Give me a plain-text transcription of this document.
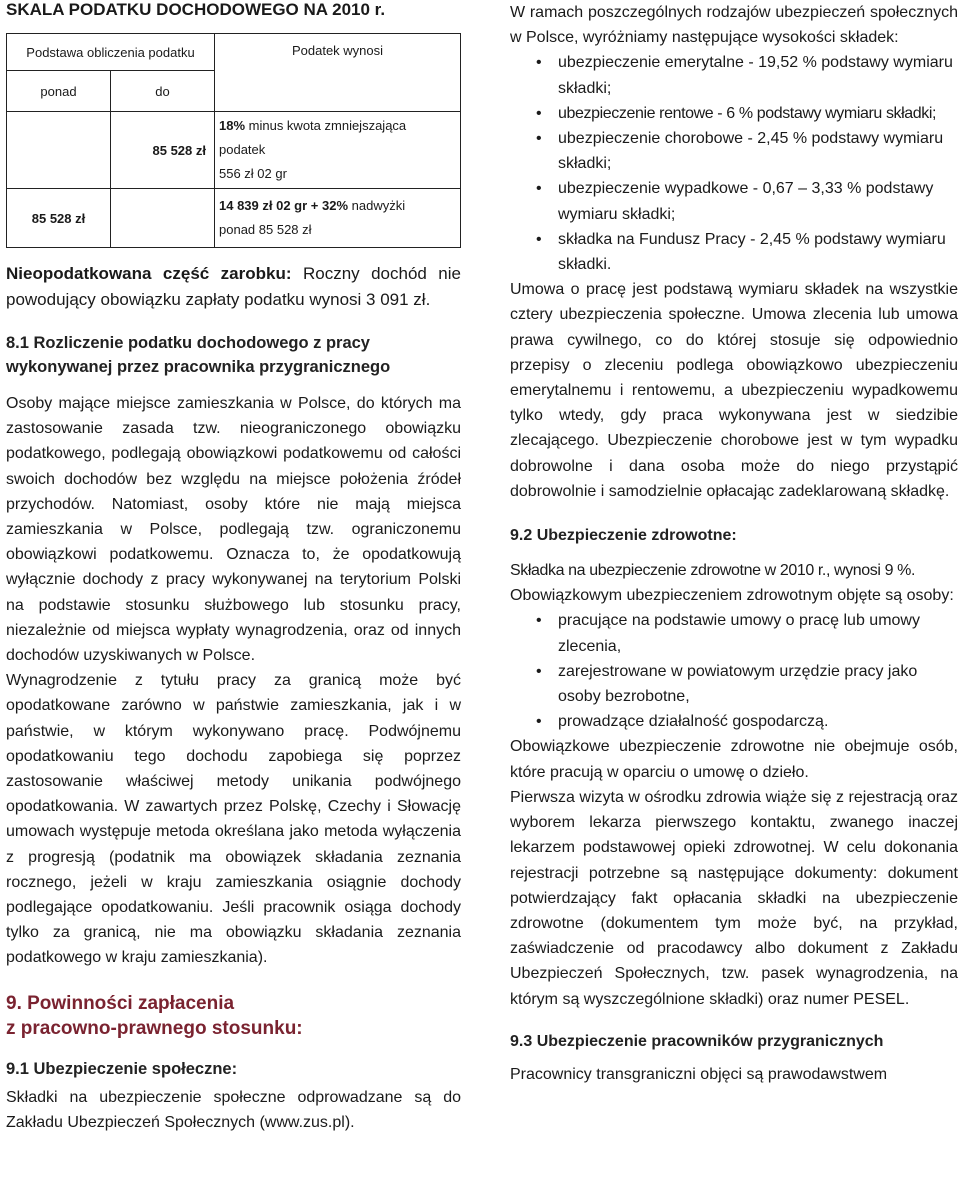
SKALA PODATKU DOCHODOWEGO NA 2010 r.
Podstawa obliczenia podatku		Podatek wynosi
ponad	do	
	85 528 zł	18% minus kwota zmniejszająca podatek
556 zł 02 gr
85 528 zł		14 839 zł 02 gr + 32% nadwyżki
ponad 85 528 zł

Nieopodatkowana część zarobku: Roczny dochód nie powodujący obowiązku zapłaty podatku wynosi 3 091 zł.

8.1 Rozliczenie podatku dochodowego z pracy wykonywanej przez pracownika przygranicznego

Osoby mające miejsce zamieszkania w Polsce, do których ma zastosowanie zasada tzw. nieograniczonego obowiązku podatkowego, podlegają obowiązkowi podatkowemu od całości swoich dochodów bez względu na miejsce położenia źródeł przychodów. Natomiast, osoby które nie mają miejsca zamieszkania w Polsce, podlegają tzw. ograniczonemu obowiązkowi podatkowemu. Oznacza to, że opodatkowują wyłącznie dochody z pracy wykonywanej na terytorium Polski na podstawie stosunku służbowego lub stosunku pracy, niezależnie od miejsca wypłaty wynagrodzenia, oraz od innych dochodów uzyskiwanych w Polsce.

Wynagrodzenie z tytułu pracy za granicą może być opodatkowane zarówno w państwie zamieszkania, jak i w państwie, w którym wykonywano pracę. Podwójnemu opodatkowaniu tego dochodu zapobiega się poprzez zastosowanie właściwej metody unikania podwójnego opodatkowania. W zawartych przez Polskę, Czechy i Słowację umowach występuje metoda określana jako metoda wyłączenia z progresją (podatnik ma obowiązek składania zeznania rocznego, jeżeli w kraju zamieszkania osiągnie dochody podlegające opodatkowaniu. Jeśli pracownik osiąga dochody tylko za granicą, nie ma obowiązku składania zeznania podatkowego w kraju zamieszkania).

9. Powinności zapłacenia
z pracowno-prawnego stosunku:
9.1 Ubezpieczenie społeczne:

Składki na ubezpieczenie społeczne odprowadzane są do Zakładu Ubezpieczeń Społecznych (www.zus.pl).

W ramach poszczególnych rodzajów ubezpieczeń społecznych w Polsce, wyróżniamy następujące wysokości składek:

• ubezpieczenie emerytalne - 19,52 % podstawy wymiaru składki;
• ubezpieczenie rentowe - 6 % podstawy wymiaru składki;
• ubezpieczenie chorobowe - 2,45 % podstawy wymiaru składki;
• ubezpieczenie wypadkowe - 0,67 – 3,33 % podstawy wymiaru składki;
• składka na Fundusz Pracy - 2,45 % podstawy wymiaru składki.

Umowa o pracę jest podstawą wymiaru składek na wszystkie cztery ubezpieczenia społeczne. Umowa zlecenia lub umowa prawa cywilnego, co do której stosuje się odpowiednio przepisy o zleceniu podlega obowiązkowo ubezpieczeniu emerytalnemu i rentowemu, a ubezpieczeniu wypadkowemu tylko wtedy, gdy praca wykonywana jest w siedzibie zlecającego. Ubezpieczenie chorobowe jest w tym wypadku dobrowolne i dana osoba może do niego przystąpić dobrowolnie i samodzielnie opłacając zadeklarowaną składkę.

9.2 Ubezpieczenie zdrowotne:

Składka na ubezpieczenie zdrowotne w 2010 r., wynosi 9 %.

Obowiązkowym ubezpieczeniem zdrowotnym objęte są osoby:

• pracujące na podstawie umowy o pracę lub umowy zlecenia,
• zarejestrowane w powiatowym urzędzie pracy jako osoby bezrobotne,
• prowadzące działalność gospodarczą.

Obowiązkowe ubezpieczenie zdrowotne nie obejmuje osób, które pracują w oparciu o umowę o dzieło.

Pierwsza wizyta w ośrodku zdrowia wiąże się z rejestracją oraz wyborem lekarza pierwszego kontaktu, zwanego inaczej lekarzem podstawowej opieki zdrowotnej. W celu dokonania rejestracji potrzebne są następujące dokumenty: dokument potwierdzający fakt opłacania składki na ubezpieczenie zdrowotne (dokumentem tym może być, na przykład, zaświadczenie od pracodawcy albo dokument z Zakładu Ubezpieczeń Społecznych, tzw. pasek wynagrodzenia, na którym są wyszczególnione składki) oraz numer PESEL.

9.3 Ubezpieczenie pracowników przygranicznych

Pracownicy transgraniczni objęci są prawodawstwem
